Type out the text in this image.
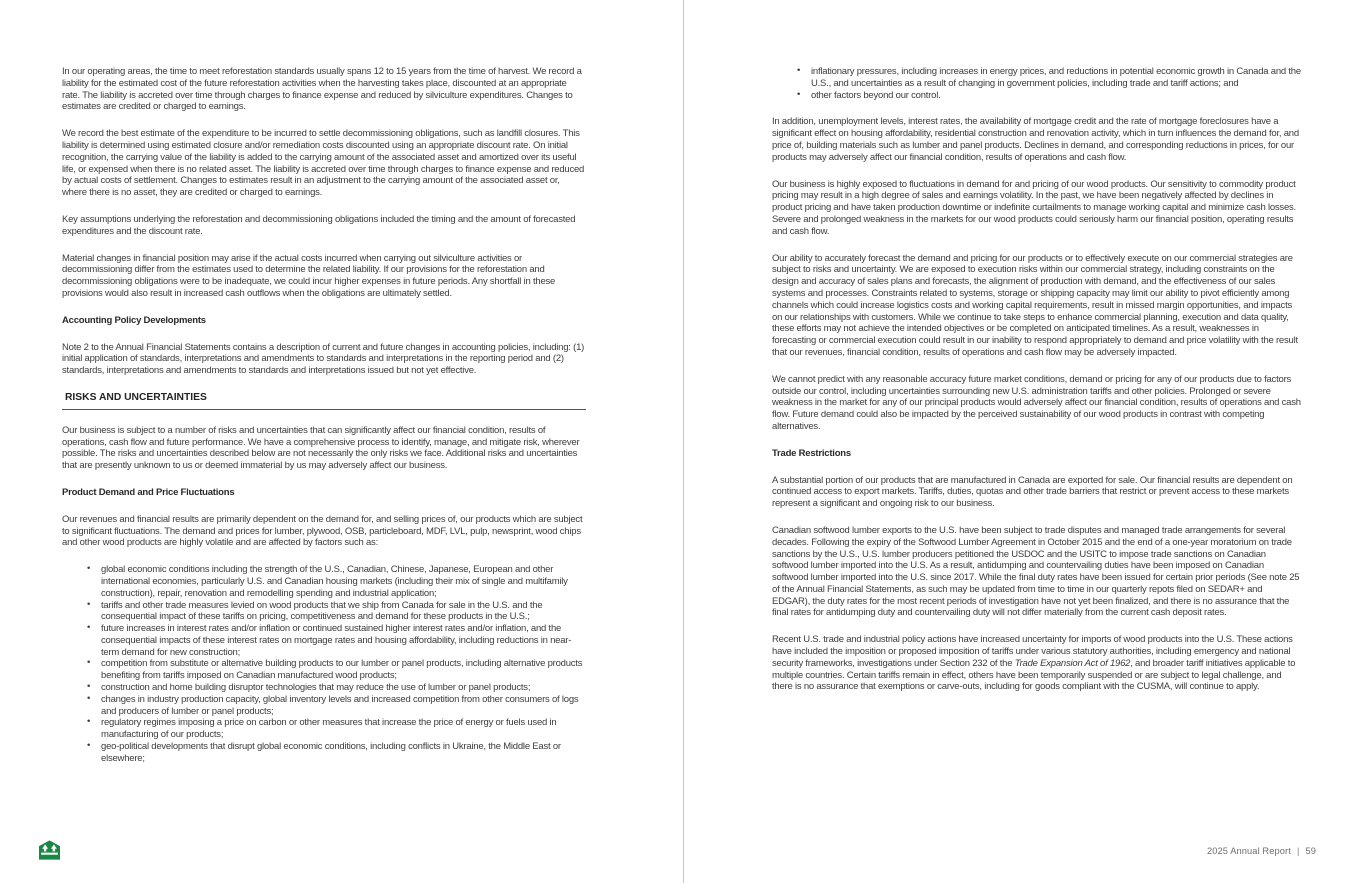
In our operating areas, the time to meet reforestation standards usually spans 12 to 15 years from the time of harvest. We record a liability for the estimated cost of the future reforestation activities when the harvesting takes place, discounted at an appropriate rate. The liability is accreted over time through charges to finance expense and reduced by silviculture expenditures. Changes to estimates are credited or charged to earnings.
We record the best estimate of the expenditure to be incurred to settle decommissioning obligations, such as landfill closures. This liability is determined using estimated closure and/or remediation costs discounted using an appropriate discount rate. On initial recognition, the carrying value of the liability is added to the carrying amount of the associated asset and amortized over its useful life, or expensed when there is no related asset. The liability is accreted over time through charges to finance expense and reduced by actual costs of settlement. Changes to estimates result in an adjustment to the carrying amount of the associated asset or, where there is no asset, they are credited or charged to earnings.
Key assumptions underlying the reforestation and decommissioning obligations included the timing and the amount of forecasted expenditures and the discount rate.
Material changes in financial position may arise if the actual costs incurred when carrying out silviculture activities or decommissioning differ from the estimates used to determine the related liability. If our provisions for the reforestation and decommissioning obligations were to be inadequate, we could incur higher expenses in future periods. Any shortfall in these provisions would also result in increased cash outflows when the obligations are ultimately settled.
Accounting Policy Developments
Note 2 to the Annual Financial Statements contains a description of current and future changes in accounting policies, including: (1) initial application of standards, interpretations and amendments to standards and interpretations in the reporting period and (2) standards, interpretations and amendments to standards and interpretations issued but not yet effective.
RISKS AND UNCERTAINTIES
Our business is subject to a number of risks and uncertainties that can significantly affect our financial condition, results of operations, cash flow and future performance. We have a comprehensive process to identify, manage, and mitigate risk, wherever possible. The risks and uncertainties described below are not necessarily the only risks we face. Additional risks and uncertainties that are presently unknown to us or deemed immaterial by us may adversely affect our business.
Product Demand and Price Fluctuations
Our revenues and financial results are primarily dependent on the demand for, and selling prices of, our products which are subject to significant fluctuations. The demand and prices for lumber, plywood, OSB, particleboard, MDF, LVL, pulp, newsprint, wood chips and other wood products are highly volatile and are affected by factors such as:
• global economic conditions including the strength of the U.S., Canadian, Chinese, Japanese, European and other international economies, particularly U.S. and Canadian housing markets (including their mix of single and multifamily construction), repair, renovation and remodelling spending and industrial application;
• tariffs and other trade measures levied on wood products that we ship from Canada for sale in the U.S. and the consequential impact of these tariffs on pricing, competitiveness and demand for these products in the U.S.;
• future increases in interest rates and/or inflation or continued sustained higher interest rates and/or inflation, and the consequential impacts of these interest rates on mortgage rates and housing affordability, including reductions in near-term demand for new construction;
• competition from substitute or alternative building products to our lumber or panel products, including alternative products benefiting from tariffs imposed on Canadian manufactured wood products;
• construction and home building disruptor technologies that may reduce the use of lumber or panel products;
• changes in industry production capacity, global inventory levels and increased competition from other consumers of logs and producers of lumber or panel products;
• regulatory regimes imposing a price on carbon or other measures that increase the price of energy or fuels used in manufacturing of our products;
• geo-political developments that disrupt global economic conditions, including conflicts in Ukraine, the Middle East or elsewhere;
• inflationary pressures, including increases in energy prices, and reductions in potential economic growth in Canada and the U.S., and uncertainties as a result of changing in government policies, including trade and tariff actions; and
• other factors beyond our control.
In addition, unemployment levels, interest rates, the availability of mortgage credit and the rate of mortgage foreclosures have a significant effect on housing affordability, residential construction and renovation activity, which in turn influences the demand for, and price of, building materials such as lumber and panel products. Declines in demand, and corresponding reductions in prices, for our products may adversely affect our financial condition, results of operations and cash flow.
Our business is highly exposed to fluctuations in demand for and pricing of our wood products. Our sensitivity to commodity product pricing may result in a high degree of sales and earnings volatility. In the past, we have been negatively affected by declines in product pricing and have taken production downtime or indefinite curtailments to manage working capital and minimize cash losses. Severe and prolonged weakness in the markets for our wood products could seriously harm our financial position, operating results and cash flow.
Our ability to accurately forecast the demand and pricing for our products or to effectively execute on our commercial strategies are subject to risks and uncertainty. We are exposed to execution risks within our commercial strategy, including constraints on the design and accuracy of sales plans and forecasts, the alignment of production with demand, and the effectiveness of our sales systems and processes. Constraints related to systems, storage or shipping capacity may limit our ability to pivot efficiently among channels which could increase logistics costs and working capital requirements, result in missed margin opportunities, and impacts on our relationships with customers. While we continue to take steps to enhance commercial planning, execution and data quality, these efforts may not achieve the intended objectives or be completed on anticipated timelines. As a result, weaknesses in forecasting or commercial execution could result in our inability to respond appropriately to demand and price volatility with the result that our revenues, financial condition, results of operations and cash flow may be adversely impacted.
We cannot predict with any reasonable accuracy future market conditions, demand or pricing for any of our products due to factors outside our control, including uncertainties surrounding new U.S. administration tariffs and other policies. Prolonged or severe weakness in the market for any of our principal products would adversely affect our financial condition, results of operations and cash flow. Future demand could also be impacted by the perceived sustainability of our wood products in contrast with competing alternatives.
Trade Restrictions
A substantial portion of our products that are manufactured in Canada are exported for sale. Our financial results are dependent on continued access to export markets. Tariffs, duties, quotas and other trade barriers that restrict or prevent access to these markets represent a significant and ongoing risk to our business.
Canadian softwood lumber exports to the U.S. have been subject to trade disputes and managed trade arrangements for several decades. Following the expiry of the Softwood Lumber Agreement in October 2015 and the end of a one-year moratorium on trade sanctions by the U.S., U.S. lumber producers petitioned the USDOC and the USITC to impose trade sanctions on Canadian softwood lumber imported into the U.S. As a result, antidumping and countervailing duties have been imposed on Canadian softwood lumber imported into the U.S. since 2017. While the final duty rates have been issued for certain prior periods (See note 25 of the Annual Financial Statements, as such may be updated from time to time in our quarterly repots filed on SEDAR+ and EDGAR), the duty rates for the most recent periods of investigation have not yet been finalized, and there is no assurance that the final rates for antidumping duty and countervailing duty will not differ materially from the current cash deposit rates.
Recent U.S. trade and industrial policy actions have increased uncertainty for imports of wood products into the U.S. These actions have included the imposition or proposed imposition of tariffs under various statutory authorities, including emergency and national security frameworks, investigations under Section 232 of the Trade Expansion Act of 1962, and broader tariff initiatives applicable to multiple countries. Certain tariffs remain in effect, others have been temporarily suspended or are subject to legal challenge, and there is no assurance that exemptions or carve-outs, including for goods compliant with the CUSMA, will continue to apply.
2025 Annual Report | 59
